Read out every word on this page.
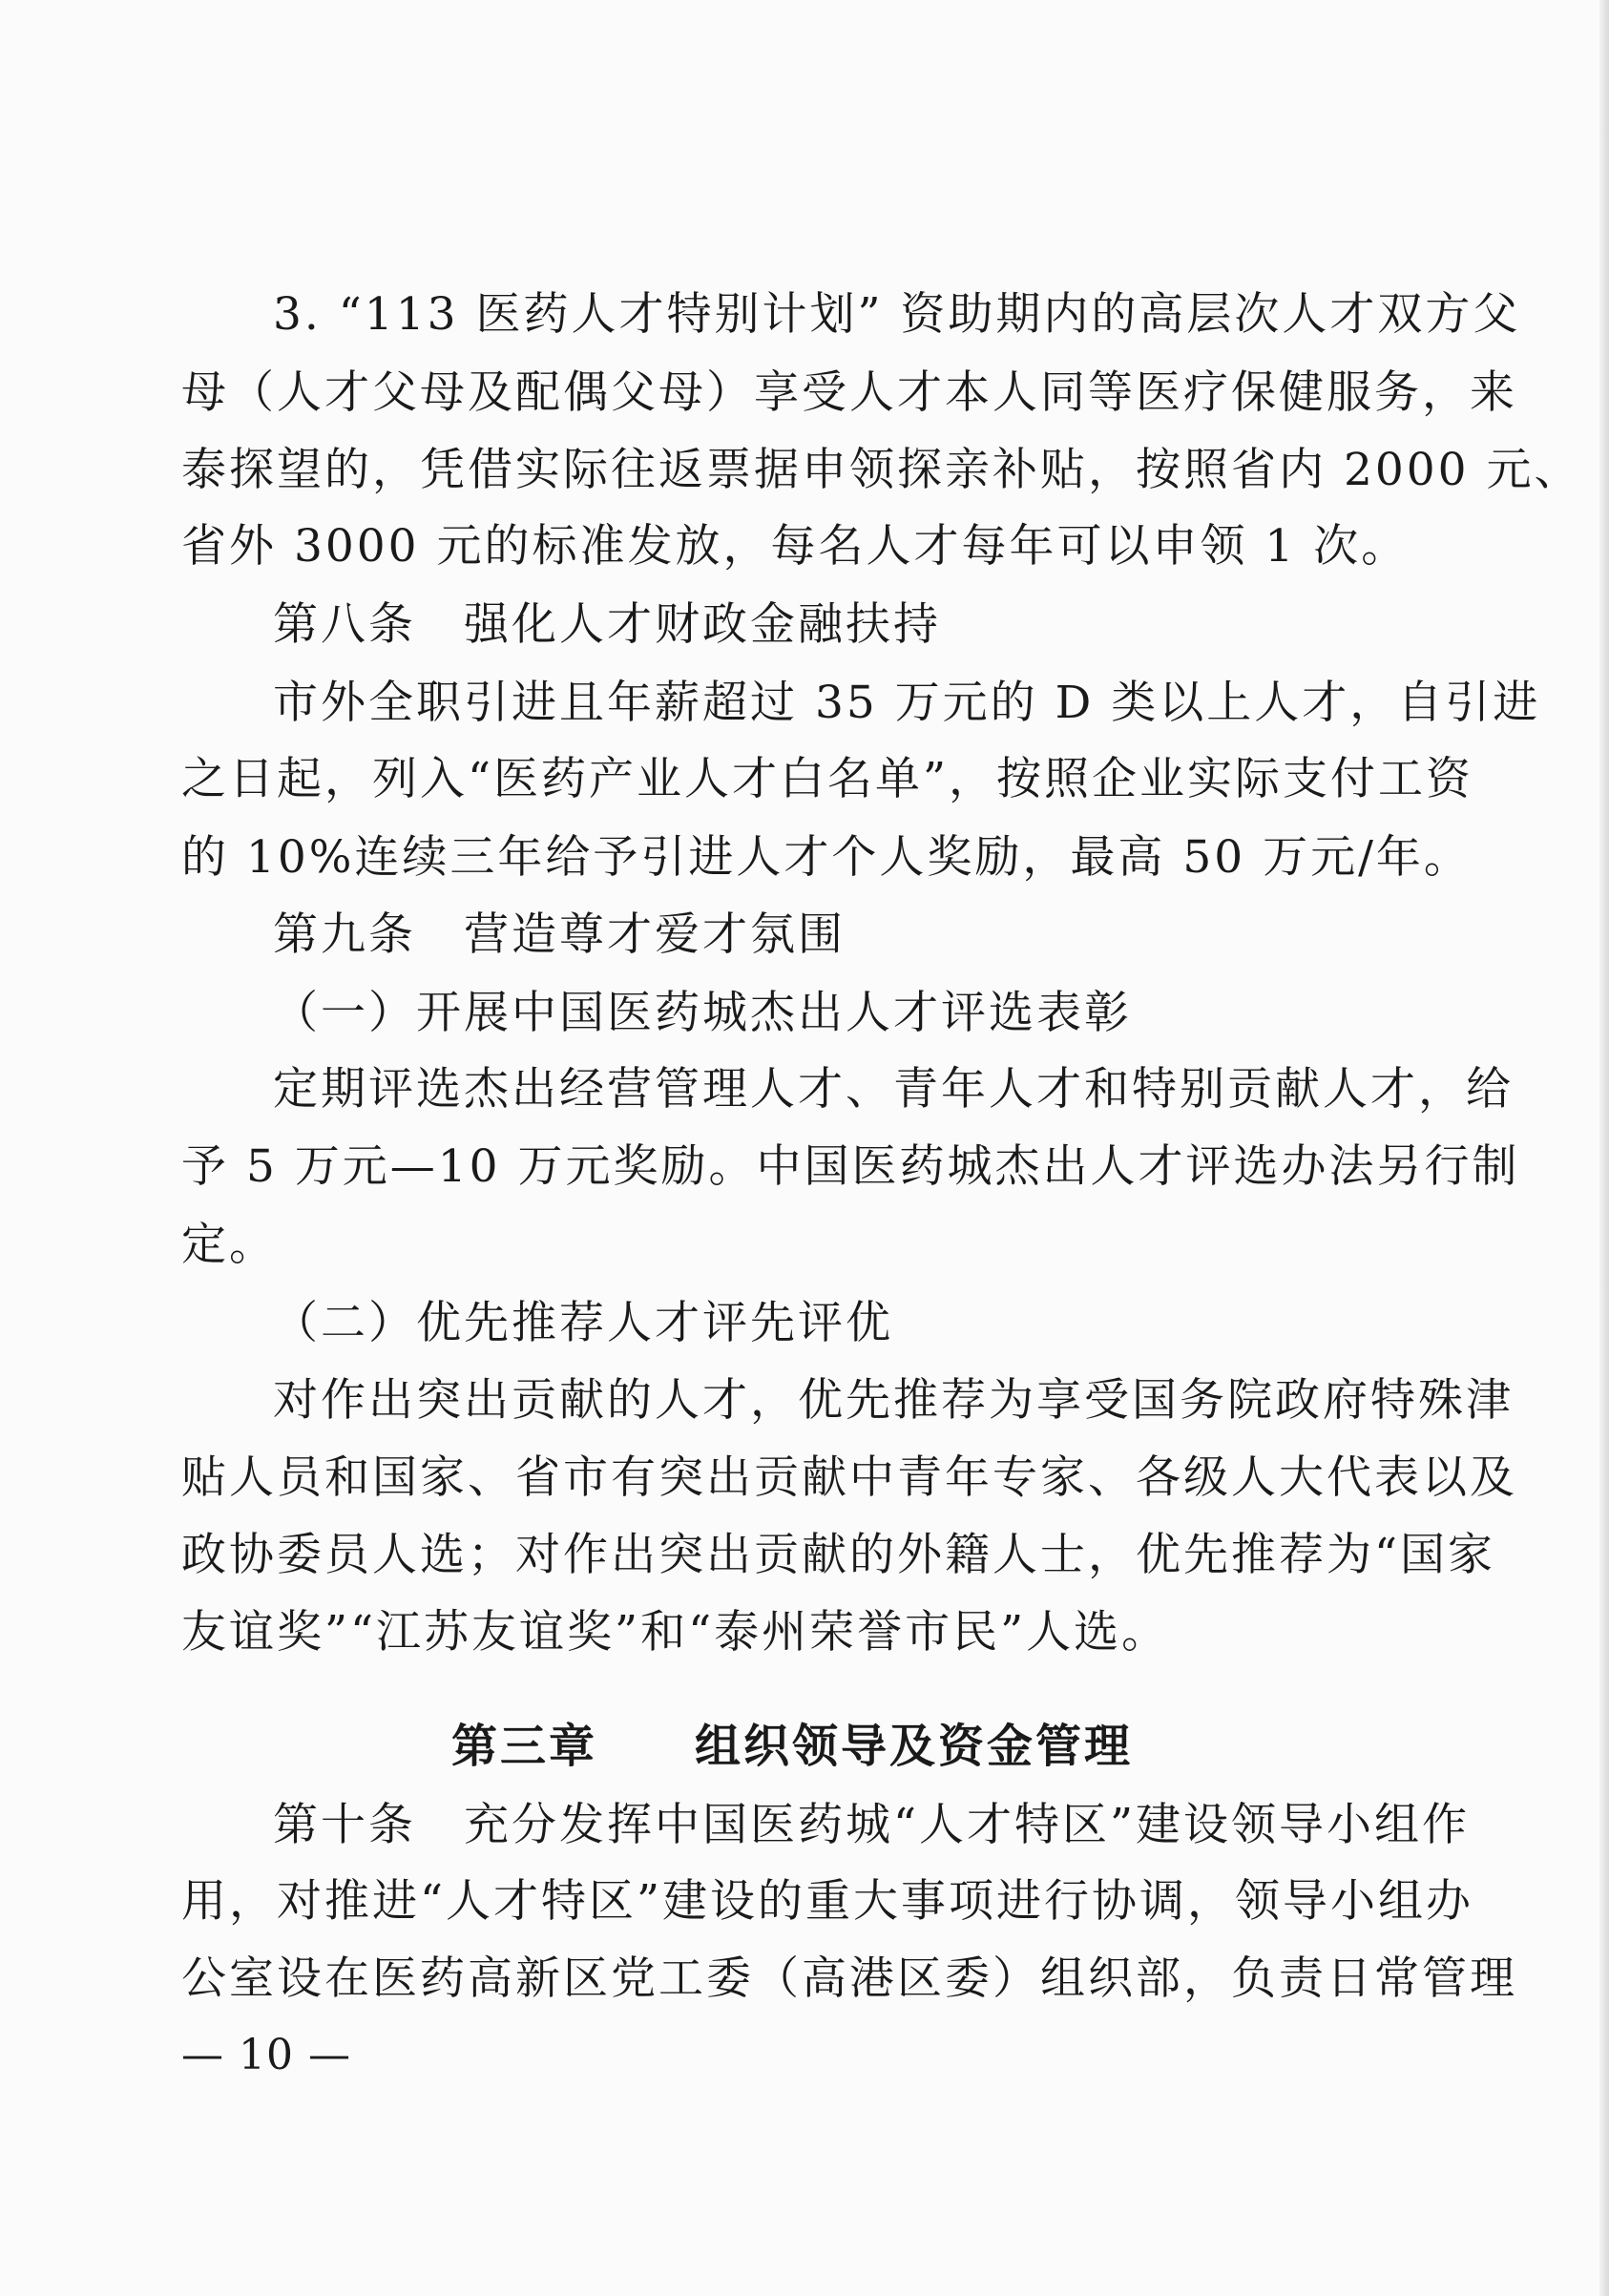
3. “113 医药人才特别计划” 资助期内的高层次人才双方父
母（人才父母及配偶父母）享受人才本人同等医疗保健服务，来
泰探望的，凭借实际往返票据申领探亲补贴，按照省内 2000 元、
省外 3000 元的标准发放，每名人才每年可以申领 1 次。
第八条　强化人才财政金融扶持
市外全职引进且年薪超过 35 万元的 D 类以上人才，自引进
之日起，列入“医药产业人才白名单”，按照企业实际支付工资
的 10%连续三年给予引进人才个人奖励，最高 50 万元/年。
第九条　营造尊才爱才氛围
（一）开展中国医药城杰出人才评选表彰
定期评选杰出经营管理人才、青年人才和特别贡献人才，给
予 5 万元—10 万元奖励。中国医药城杰出人才评选办法另行制
定。
（二）优先推荐人才评先评优
对作出突出贡献的人才，优先推荐为享受国务院政府特殊津
贴人员和国家、省市有突出贡献中青年专家、各级人大代表以及
政协委员人选；对作出突出贡献的外籍人士，优先推荐为“国家
友谊奖”“江苏友谊奖”和“泰州荣誉市民”人选。
第三章　　组织领导及资金管理
第十条　充分发挥中国医药城“人才特区”建设领导小组作
用，对推进“人才特区”建设的重大事项进行协调，领导小组办
公室设在医药高新区党工委（高港区委）组织部，负责日常管理
— 10 —
